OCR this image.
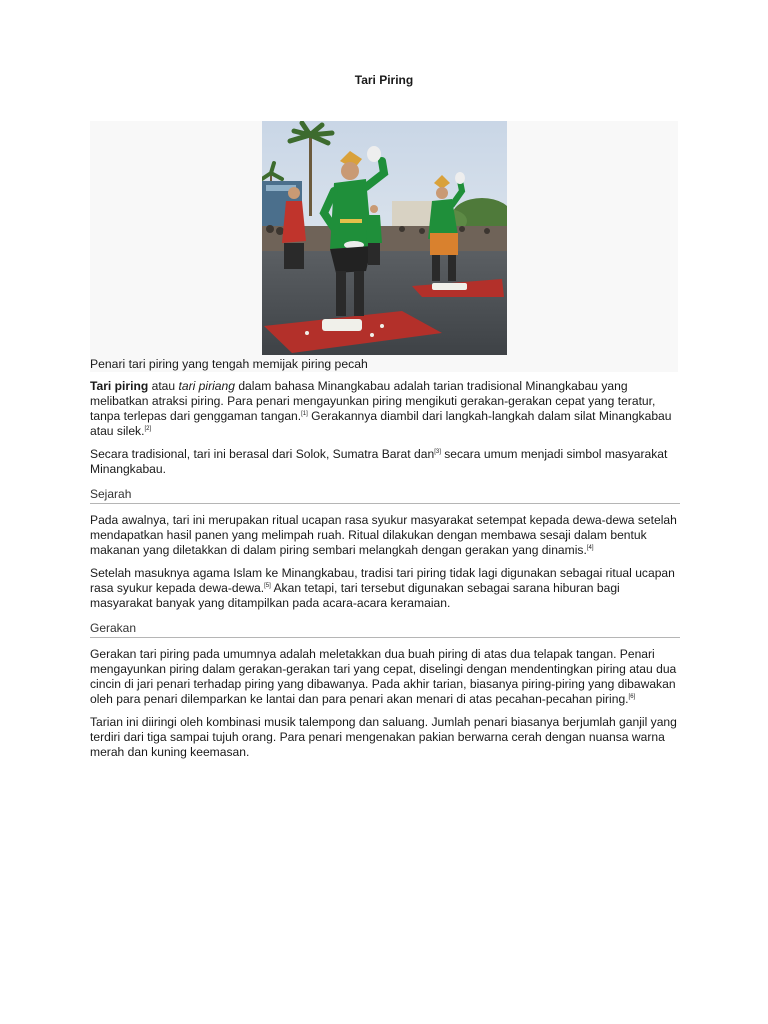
Tari Piring
Penari tari piring yang tengah memijak piring pecah

Tari piring atau tari piriang dalam bahasa Minangkabau adalah tarian tradisional Minangkabau yang melibatkan atraksi piring. Para penari mengayunkan piring mengikuti gerakan-gerakan cepat yang teratur, tanpa terlepas dari genggaman tangan.[1] Gerakannya diambil dari langkah-langkah dalam silat Minangkabau atau silek.[2]

Secara tradisional, tari ini berasal dari Solok, Sumatra Barat dan[3] secara umum menjadi simbol masyarakat Minangkabau.

Sejarah

Pada awalnya, tari ini merupakan ritual ucapan rasa syukur masyarakat setempat kepada dewa-dewa setelah mendapatkan hasil panen yang melimpah ruah. Ritual dilakukan dengan membawa sesaji dalam bentuk makanan yang diletakkan di dalam piring sembari melangkah dengan gerakan yang dinamis.[4]

Setelah masuknya agama Islam ke Minangkabau, tradisi tari piring tidak lagi digunakan sebagai ritual ucapan rasa syukur kepada dewa-dewa.[5] Akan tetapi, tari tersebut digunakan sebagai sarana hiburan bagi masyarakat banyak yang ditampilkan pada acara-acara keramaian.

Gerakan

Gerakan tari piring pada umumnya adalah meletakkan dua buah piring di atas dua telapak tangan. Penari mengayunkan piring dalam gerakan-gerakan tari yang cepat, diselingi dengan mendentingkan piring atau dua cincin di jari penari terhadap piring yang dibawanya. Pada akhir tarian, biasanya piring-piring yang dibawakan oleh para penari dilemparkan ke lantai dan para penari akan menari di atas pecahan-pecahan piring.[6]

Tarian ini diiringi oleh kombinasi musik talempong dan saluang. Jumlah penari biasanya berjumlah ganjil yang terdiri dari tiga sampai tujuh orang. Para penari mengenakan pakian berwarna cerah dengan nuansa warna merah dan kuning keemasan.
